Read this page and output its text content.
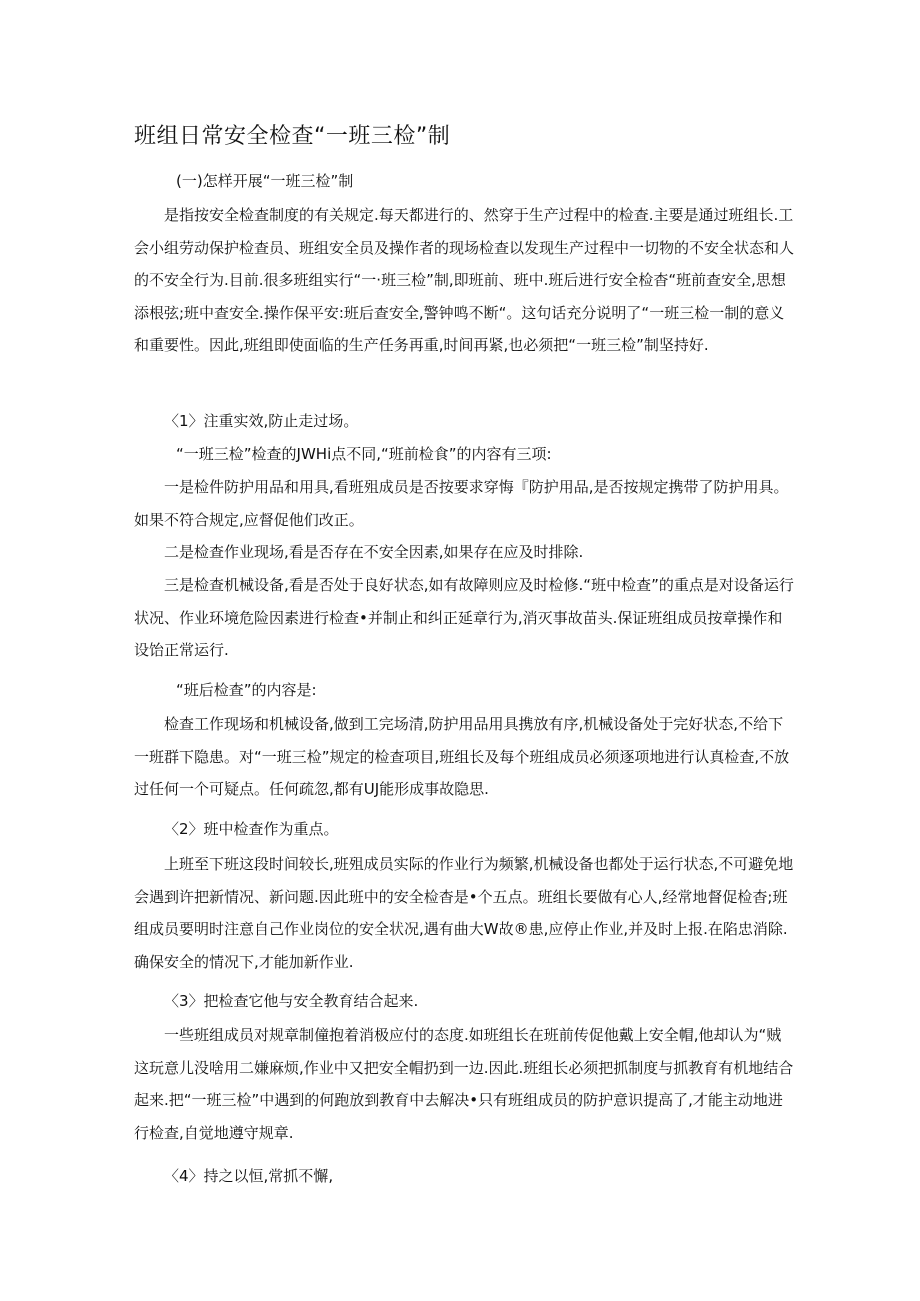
班组日常安全检查“一班三检”制

(一)怎样开展“一班三检”制

是指按安全检查制度的有关规定.每天都进行的、然穿于生产过程中的检查.主要是通过班组长.工会小组劳动保护检查员、班组安全员及操作者的现场检查以发现生产过程中一切物的不安全状态和人的不安全行为.目前.很多班组实行“一·班三检”制,即班前、班中.班后进行安全检杳“班前查安全,思想添根弦;班中查安全.操作保平安:班后查安全,警钟鸣不断“。这句话充分说明了“一班三检一制的意义和重要性。因此,班组即使面临的生产任务再重,时间再紧,也必须把“一班三检”制坚持好.

〈1〉注重实效,防止走过场。

“一班三检”检查的JWHi点不同,“班前检食”的内容有三项:

一是检件防护用品和用具,看班殂成员是否按要求穿悔『防护用品,是否按规定携带了防护用具。如果不符合规定,应督促他们改正。

二是检查作业现场,看是否存在不安全因素,如果存在应及时排除.

三是检查机械设备,看是否处于良好状态,如有故障则应及时检修.“班中检查”的重点是对设备运行状况、作业环境危险因素进行检查•并制止和纠正延章行为,消灭事故苗头.保证班组成员按章操作和设饴正常运行.

“班后检查”的内容是:

检查工作现场和机械设备,做到工完场清,防护用品用具携放有序,机械设备处于完好状态,不给下一班群下隐患。对“一班三检”规定的检查项目,班组长及每个班组成员必须逐项地进行认真检查,不放过任何一个可疑点。任何疏忽,都有UJ能形成事故隐思.

〈2〉班中检查作为重点。

上班至下班这段时间较长,班殂成员实际的作业行为频繁,机械设备也都处于运行状态,不可避免地会遇到许把新情况、新问题.因此班中的安全检杳是•个五点。班组长要做有心人,经常地督促检杳;班组成员要明时注意自己作业岗位的安全状况,遇有曲大W故®患,应停止作业,并及时上报.在陷忠消除.确保安全的情况下,才能加新作业.

〈3〉把检查它他与安全教育结合起来.

一些班组成员对规章制僮抱着消极应付的态度.如班组长在班前传促他戴上安全帽,他却认为“贼这玩意儿没啥用二嫌麻烦,作业中又把安全帽扔到一边.因此.班组长必须把抓制度与抓教育有机地结合起来.把“一班三检”中遇到的何跑放到教育中去解决•只有班组成员的防护意识提高了,才能主动地进行检查,自觉地遵守规章.

〈4〉持之以恒,常抓不懈,
